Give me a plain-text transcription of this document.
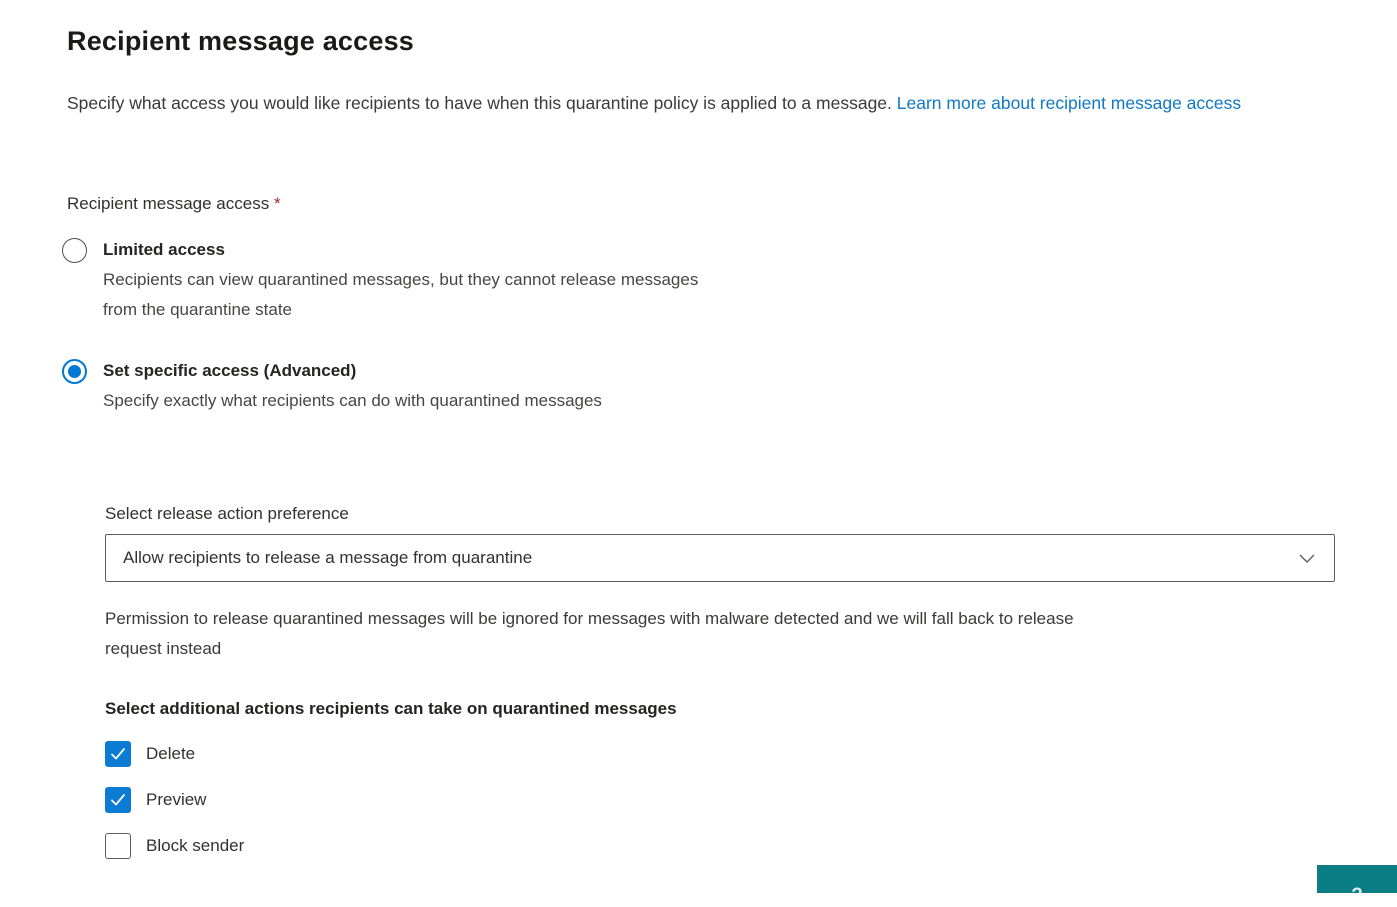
Recipient message access

Specify what access you would like recipients to have when this quarantine policy is applied to a message. Learn more about recipient message access

Recipient message access *
Limited access
Recipients can view quarantined messages, but they cannot release messages
from the quarantine state
Set specific access (Advanced)
Specify exactly what recipients can do with quarantined messages
Select release action preference
Allow recipients to release a message from quarantine
Permission to release quarantined messages will be ignored for messages with malware detected and we will fall back to release
request instead
Select additional actions recipients can take on quarantined messages
Delete
Preview
Block sender
?
